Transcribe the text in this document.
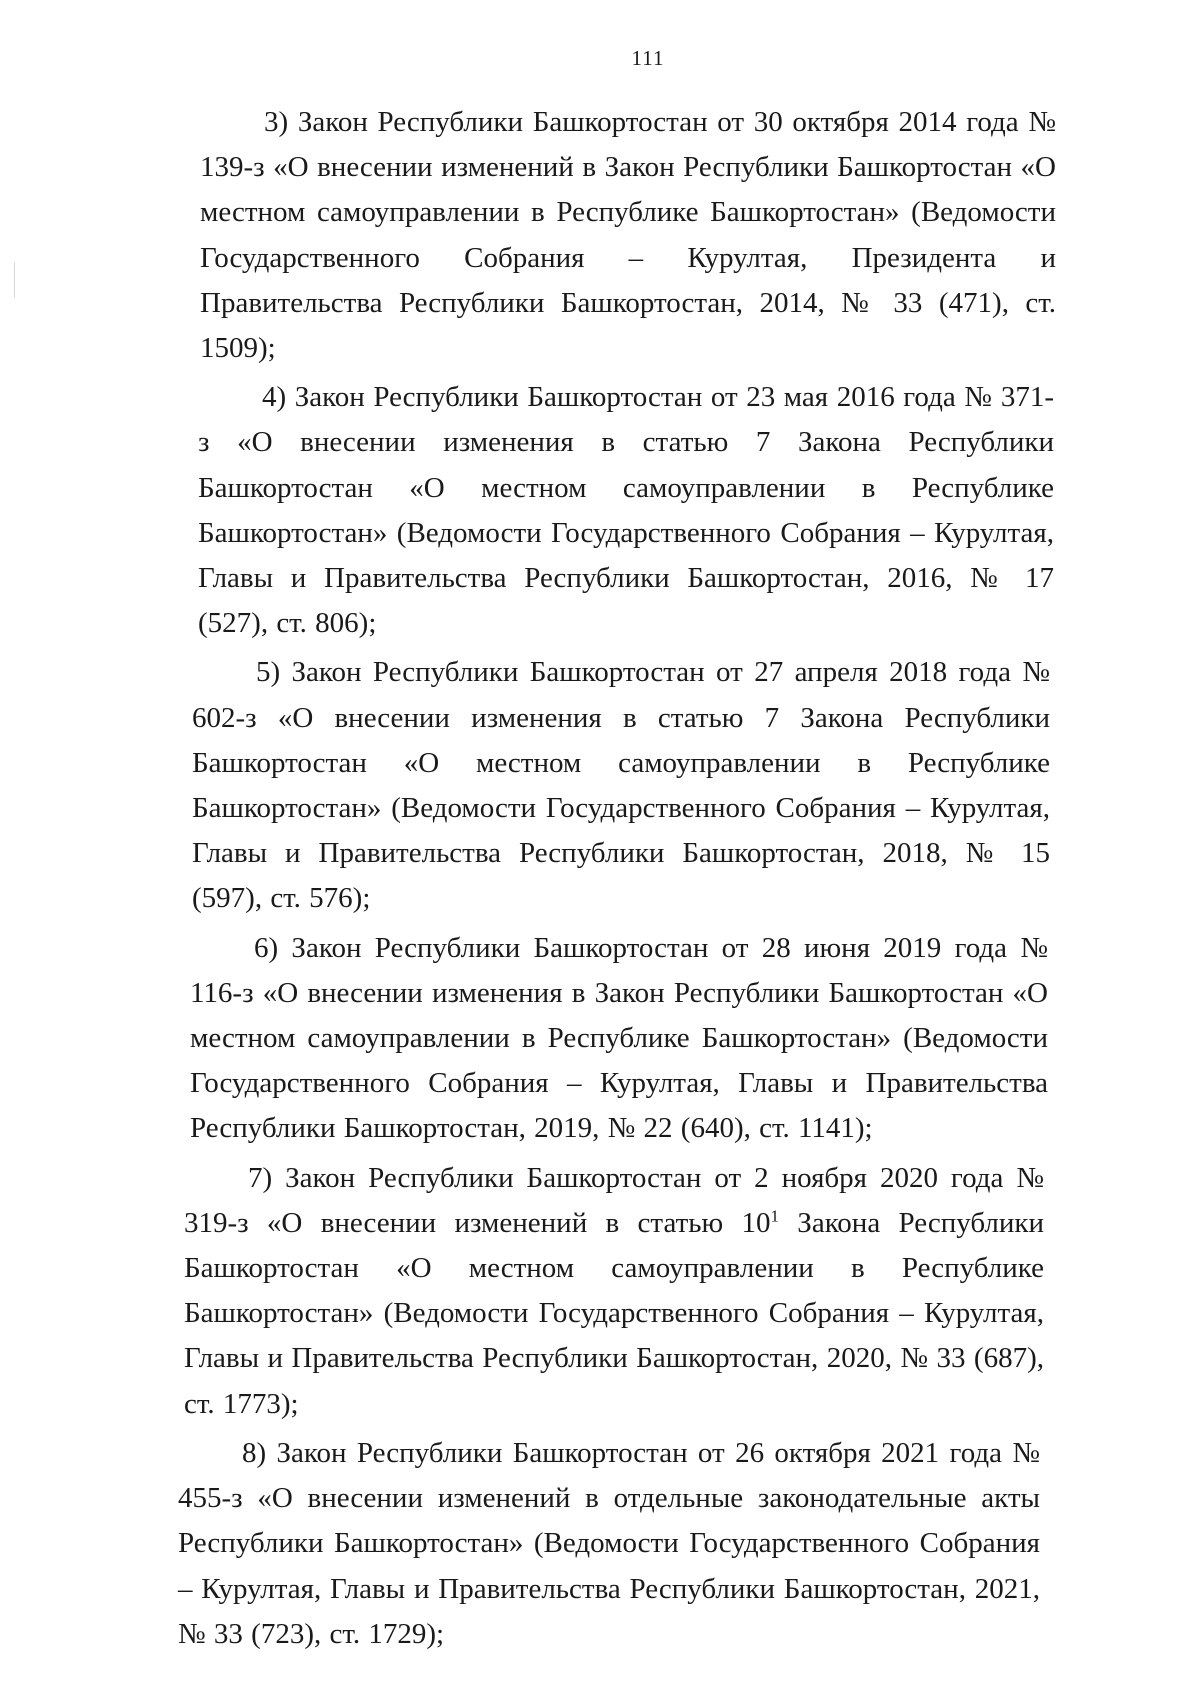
111

3) Закон Республики Башкортостан от 30 октября 2014 года № 139-з «О внесении изменений в Закон Республики Башкортостан «О местном самоуправлении в Республике Башкортостан» (Ведомости Государственного Собрания – Курултая, Президента и Правительства Республики Башкортостан, 2014, № 33 (471), ст. 1509);

4) Закон Республики Башкортостан от 23 мая 2016 года № 371-з «О внесении изменения в статью 7 Закона Республики Башкортостан «О местном самоуправлении в Республике Башкортостан» (Ведомости Государственного Собрания – Курултая, Главы и Правительства Республики Башкортостан, 2016, № 17 (527), ст. 806);

5) Закон Республики Башкортостан от 27 апреля 2018 года № 602-з «О внесении изменения в статью 7 Закона Республики Башкортостан «О местном самоуправлении в Республике Башкортостан» (Ведомости Государственного Собрания – Курултая, Главы и Правительства Республики Башкортостан, 2018, № 15 (597), ст. 576);

6) Закон Республики Башкортостан от 28 июня 2019 года № 116-з «О внесении изменения в Закон Республики Башкортостан «О местном самоуправлении в Республике Башкортостан» (Ведомости Государственного Собрания – Курултая, Главы и Правительства Республики Башкортостан, 2019, № 22 (640), ст. 1141);

7) Закон Республики Башкортостан от 2 ноября 2020 года № 319-з «О внесении изменений в статью $10^1$ Закона Республики Башкортостан «О местном самоуправлении в Республике Башкортостан» (Ведомости Государственного Собрания – Курултая, Главы и Правительства Республики Башкортостан, 2020, № 33 (687), ст. 1773);

8) Закон Республики Башкортостан от 26 октября 2021 года № 455-з «О внесении изменений в отдельные законодательные акты Республики Башкортостан» (Ведомости Государственного Собрания – Курултая, Главы и Правительства Республики Башкортостан, 2021, № 33 (723), ст. 1729);
